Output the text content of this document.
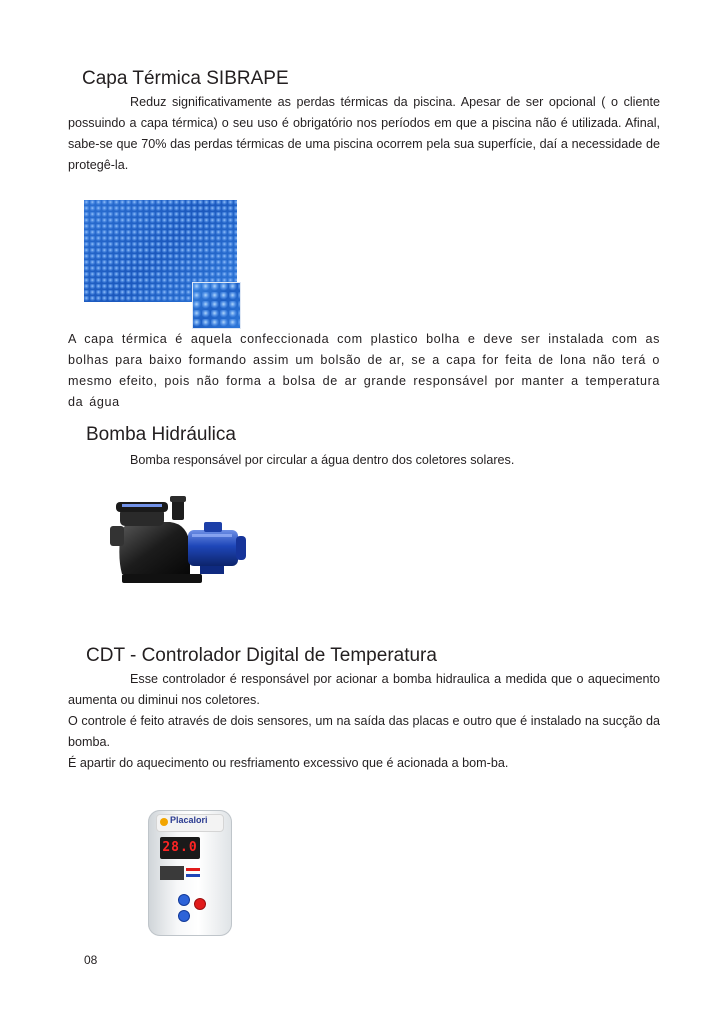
Capa Térmica SIBRAPE

Reduz significativamente as perdas térmicas da piscina. Apesar de ser opcional ( o cliente possuindo a capa térmica) o seu uso é obrigatório nos períodos em que a piscina não é utilizada. Afinal, sabe-se que 70% das perdas térmicas de uma piscina ocorrem pela sua superfície, daí a necessidade de protegê-la.

A capa térmica é aquela confeccionada com plastico bolha e deve ser instalada com as bolhas para baixo formando assim um bolsão de ar, se a capa for feita de lona não terá o mesmo efeito, pois não forma a bolsa de ar grande responsável por manter a temperatura da água

Bomba Hidráulica
Bomba responsável por circular a água dentro dos coletores solares.
CDT - Controlador Digital de Temperatura

Esse controlador é responsável por acionar a bomba hidraulica a medida que o aquecimento aumenta ou diminui nos coletores.

O controle é feito através de dois sensores, um na saída das placas e outro que é instalado na sucção da bomba.

É apartir do aquecimento ou resfriamento excessivo que é acionada a bom-ba.

Placalori
28.0
08
